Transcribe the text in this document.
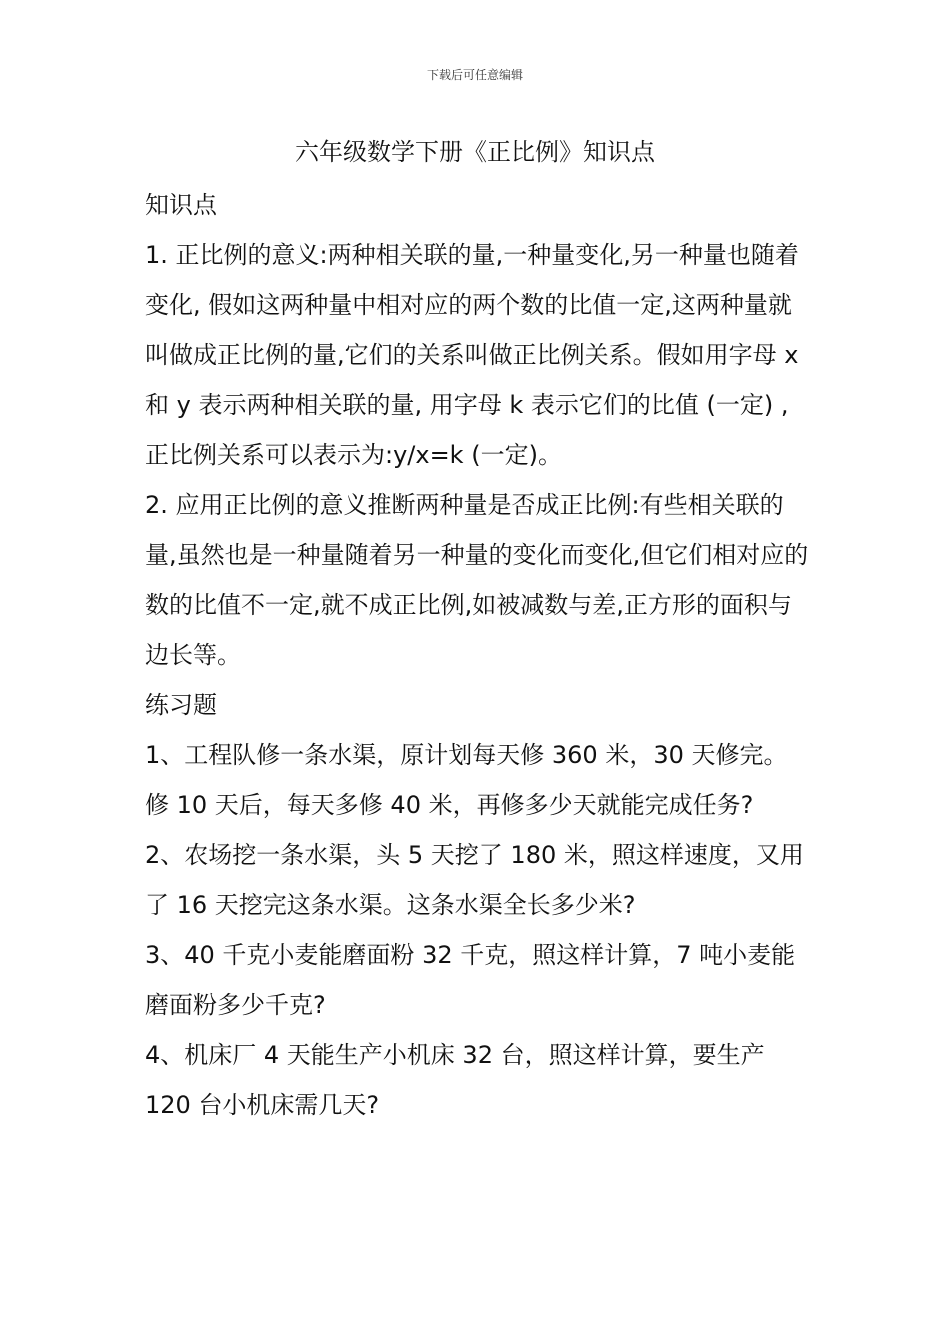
下载后可任意编辑
六年级数学下册《正比例》知识点

知识点

1. 正比例的意义:两种相关联的量,一种量变化,另一种量也随着变化, 假如这两种量中相对应的两个数的比值一定,这两种量就叫做成正比例的量,它们的关系叫做正比例关系。假如用字母 x 和 y 表示两种相关联的量, 用字母 k 表示它们的比值 (一定) , 正比例关系可以表示为:y/x=k (一定)。

2. 应用正比例的意义推断两种量是否成正比例:有些相关联的量,虽然也是一种量随着另一种量的变化而变化,但它们相对应的数的比值不一定,就不成正比例,如被减数与差,正方形的面积与边长等。

练习题

1、工程队修一条水渠，原计划每天修 360 米，30 天修完。修 10 天后，每天多修 40 米，再修多少天就能完成任务?

2、农场挖一条水渠，头 5 天挖了 180 米，照这样速度，又用了 16 天挖完这条水渠。这条水渠全长多少米?

3、40 千克小麦能磨面粉 32 千克，照这样计算，7 吨小麦能磨面粉多少千克?

4、机床厂 4 天能生产小机床 32 台，照这样计算，要生产120 台小机床需几天?
